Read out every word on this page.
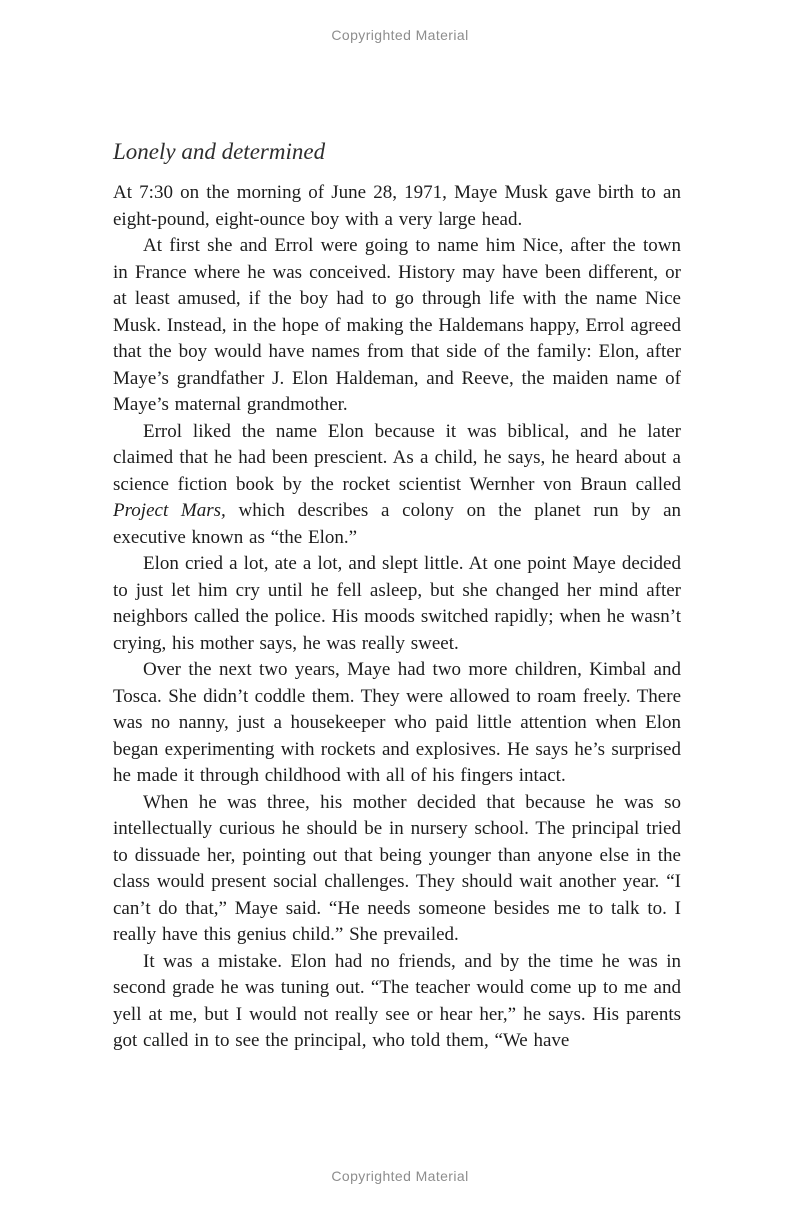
Copyrighted Material
Lonely and determined

At 7:30 on the morning of June 28, 1971, Maye Musk gave birth to an eight-pound, eight-ounce boy with a very large head.

At first she and Errol were going to name him Nice, after the town in France where he was conceived. History may have been different, or at least amused, if the boy had to go through life with the name Nice Musk. Instead, in the hope of making the Haldemans happy, Errol agreed that the boy would have names from that side of the family: Elon, after Maye’s grandfather J. Elon Haldeman, and Reeve, the maiden name of Maye’s maternal grandmother.

Errol liked the name Elon because it was biblical, and he later claimed that he had been prescient. As a child, he says, he heard about a science fiction book by the rocket scientist Wernher von Braun called Project Mars, which describes a colony on the planet run by an executive known as “the Elon.”

Elon cried a lot, ate a lot, and slept little. At one point Maye decided to just let him cry until he fell asleep, but she changed her mind after neighbors called the police. His moods switched rapidly; when he wasn’t crying, his mother says, he was really sweet.

Over the next two years, Maye had two more children, Kimbal and Tosca. She didn’t coddle them. They were allowed to roam freely. There was no nanny, just a housekeeper who paid little attention when Elon began experimenting with rockets and explosives. He says he’s surprised he made it through childhood with all of his fingers intact.

When he was three, his mother decided that because he was so intellectually curious he should be in nursery school. The principal tried to dissuade her, pointing out that being younger than anyone else in the class would present social challenges. They should wait another year. “I can’t do that,” Maye said. “He needs someone besides me to talk to. I really have this genius child.” She prevailed.

It was a mistake. Elon had no friends, and by the time he was in second grade he was tuning out. “The teacher would come up to me and yell at me, but I would not really see or hear her,” he says. His parents got called in to see the principal, who told them, “We have

Copyrighted Material
